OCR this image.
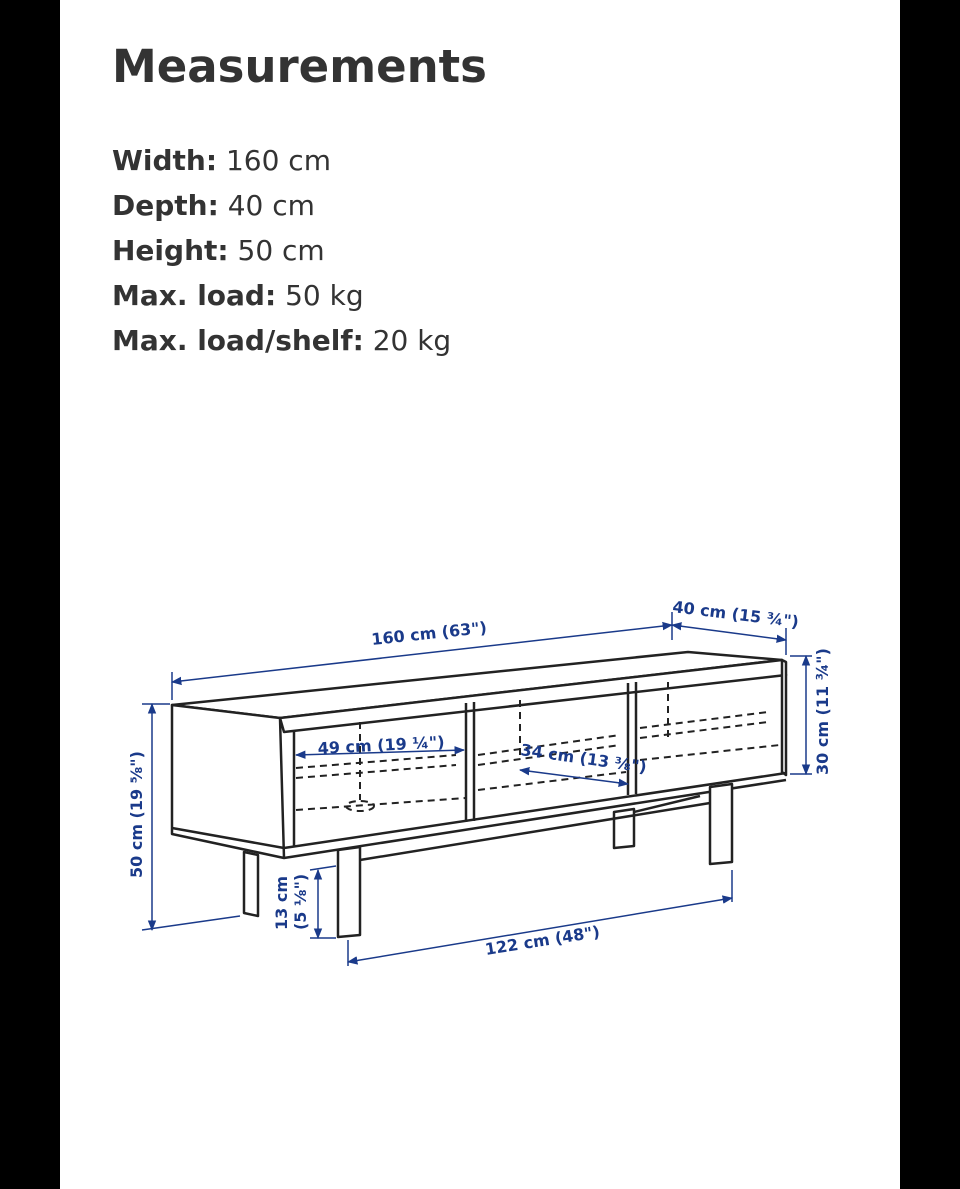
Measurements
Width: 160 cm
Depth: 40 cm
Height: 50 cm
Max. load: 50 kg
Max. load/shelf: 20 kg
160 cm (63")
40 cm (15 ¾")
50 cm (19 ⅝")
30 cm (11 ¾")
13 cm (5 ⅛")
49 cm (19 ¼")	34 cm (13 ⅜")
122 cm (48")
